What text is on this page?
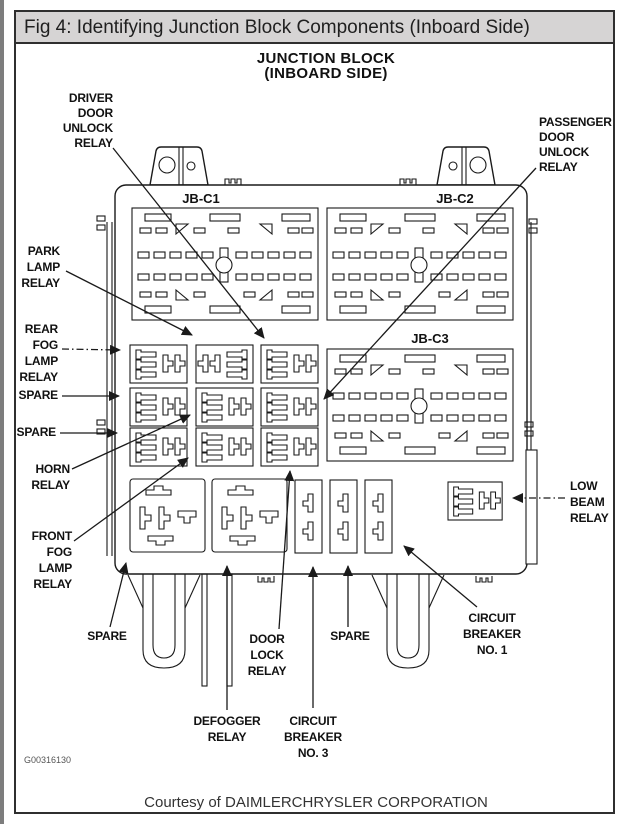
Fig 4: Identifying Junction Block Components (Inboard Side)
JUNCTION BLOCK
(INBOARD SIDE)
JB-C1	JB-C2
JB-C3
DRIVER
DOOR
UNLOCK
RELAY
PASSENGER
DOOR
UNLOCK
RELAY
PARK
LAMP
RELAY
REAR
FOG
LAMP
RELAY
SPARE
SPARE
HORN
RELAY
FRONT
FOG
LAMP
RELAY
SPARE
DEFOGGER
RELAY
DOOR
LOCK
RELAY
CIRCUIT
BREAKER
NO. 3
SPARE
CIRCUIT
BREAKER
NO. 1
LOW
BEAM
RELAY
G00316130
Courtesy of DAIMLERCHRYSLER CORPORATION
